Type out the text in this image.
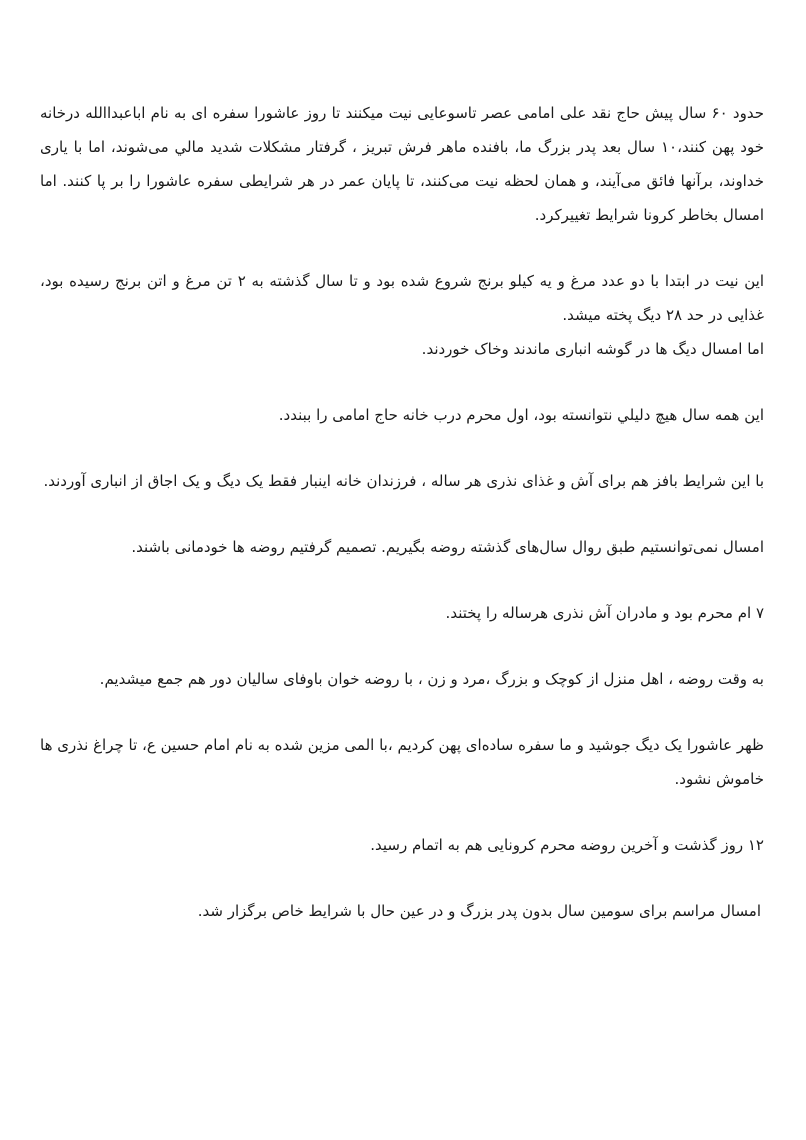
حدود ۶۰ سال پیش حاج نقد علی امامی عصر تاسوعایی نیت میکنند تا روز عاشورا سفره ای به نام اباعبداالله درخانه خود پهن کنند،۱۰ سال بعد پدر بزرگ ما، بافنده ماهر فرش تبریز ، گرفتار مشکلات شدید مالي می‌شوند، اما با یاری خداوند، برآنها فائق می‌آیند، و همان لحظه نیت می‌کنند، تا پایان عمر در هر شرایطی سفره عاشورا را بر پا کنند. اما امسال بخاطر کرونا شرایط تغییرکرد.

این نیت در ابتدا با دو عدد مرغ و یه کیلو برنج شروع شده بود و تا سال گذشته به ۲ تن مرغ و اتن برنج رسیده بود، غذایی در حد ۲۸ دیگ پخته میشد.

اما امسال دیگ ها در گوشه انباری ماندند وخاک خوردند.

این همه سال هیچ دلیلي نتوانسته بود، اول محرم درب خانه حاج امامی را ببندد.

با این شرایط بافز هم برای آش و غذای نذری هر ساله ، فرزندان خانه اینبار فقط یک دیگ و یک اجاق از انباری آوردند.

امسال نمی‌توانستیم طبق روال سال‌های گذشته روضه بگیریم. تصمیم گرفتیم روضه ها خودمانی باشند.

۷ ام محرم بود و مادران آش نذری هرساله را پختند.

به وقت روضه ، اهل منزل از کوچک و بزرگ ،مرد و زن ، با روضه خوان باوفای سالیان دور هم جمع میشدیم.

ظهر عاشورا یک دیگ جوشید و ما سفره ساده‌ای پهن کردیم ،با المی مزین شده به نام امام حسین ع، تا چراغ نذری ها خاموش نشود.

۱۲ روز گذشت و آخرین روضه محرم کرونایی هم به اتمام رسید.

امسال مراسم برای سومین سال بدون پدر بزرگ و در عین حال با شرایط خاص برگزار شد.
